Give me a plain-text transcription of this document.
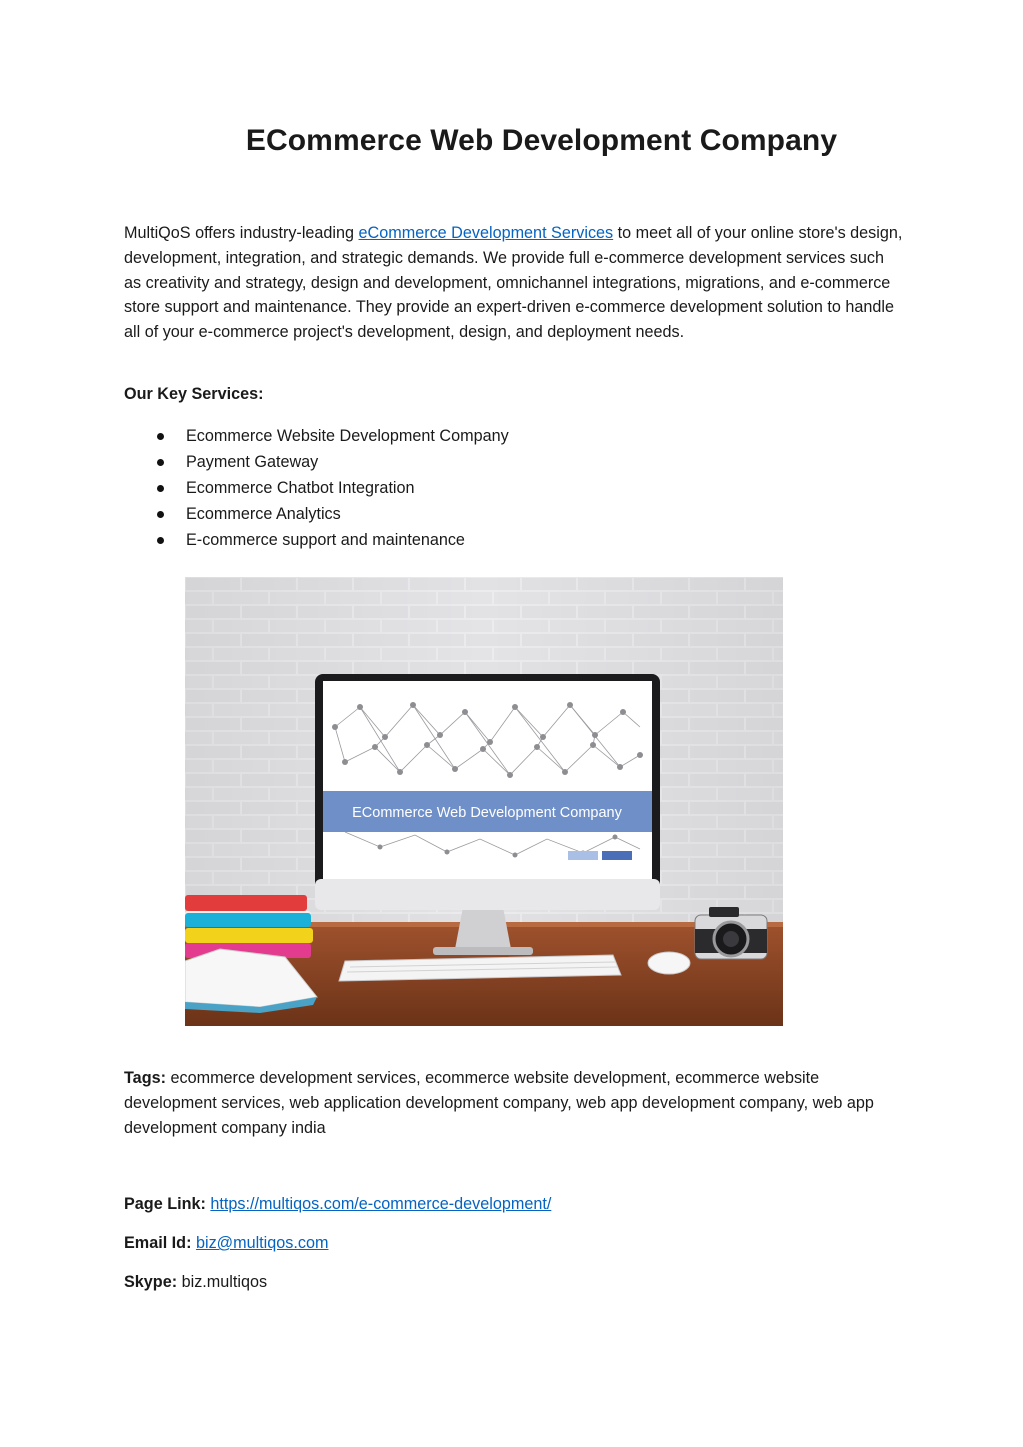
ECommerce Web Development Company

MultiQoS offers industry-leading eCommerce Development Services to meet all of your online store's design, development, integration, and strategic demands. We provide full e-commerce development services such as creativity and strategy, design and development, omnichannel integrations, migrations, and e-commerce store support and maintenance. They provide an expert-driven e-commerce development solution to handle all of your e-commerce project's development, design, and deployment needs.

Our Key Services:

Ecommerce Website Development Company
Payment Gateway
Ecommerce Chatbot Integration
Ecommerce Analytics
E-commerce support and maintenance
ECommerce Web Development Company

Tags: ecommerce development services, ecommerce website development, ecommerce website development services, web application development company, web app development company, web app development company india

Page Link: https://multiqos.com/e-commerce-development/

Email Id: biz@multiqos.com

Skype: biz.multiqos
